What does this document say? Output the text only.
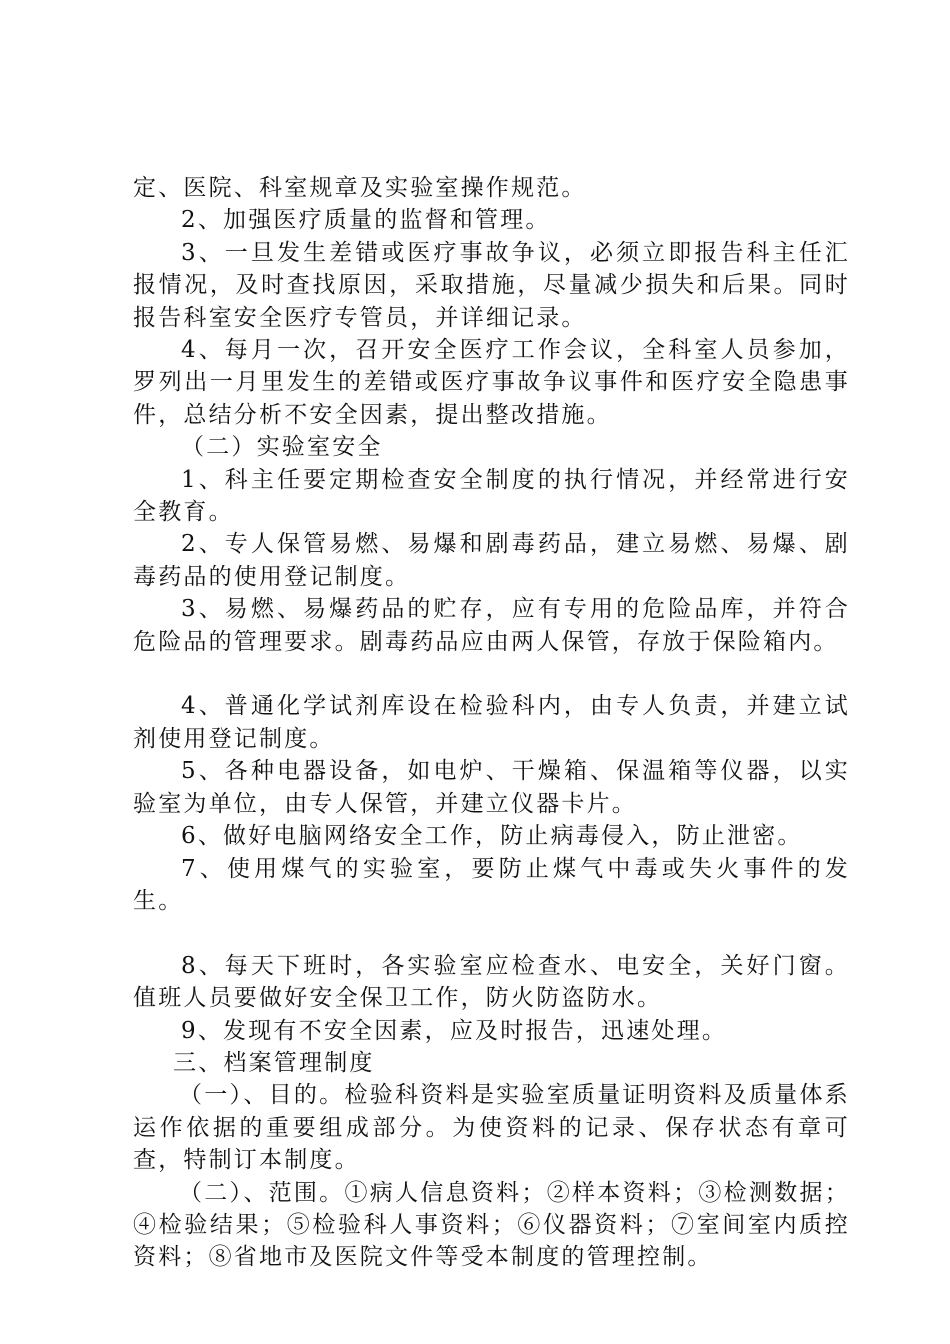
定、医院、科室规章及实验室操作规范。

2、加强医疗质量的监督和管理。

3、一旦发生差错或医疗事故争议，必须立即报告科主任汇报情况，及时查找原因，采取措施，尽量减少损失和后果。同时报告科室安全医疗专管员，并详细记录。

4、每月一次，召开安全医疗工作会议，全科室人员参加，罗列出一月里发生的差错或医疗事故争议事件和医疗安全隐患事件，总结分析不安全因素，提出整改措施。

（二）实验室安全

1、科主任要定期检查安全制度的执行情况，并经常进行安全教育。

2、专人保管易燃、易爆和剧毒药品，建立易燃、易爆、剧毒药品的使用登记制度。

3、易燃、易爆药品的贮存，应有专用的危险品库，并符合危险品的管理要求。剧毒药品应由两人保管，存放于保险箱内。

4、普通化学试剂库设在检验科内，由专人负责，并建立试剂使用登记制度。

5、各种电器设备，如电炉、干燥箱、保温箱等仪器，以实验室为单位，由专人保管，并建立仪器卡片。

6、做好电脑网络安全工作，防止病毒侵入，防止泄密。

7、使用煤气的实验室，要防止煤气中毒或失火事件的发生。

8、每天下班时，各实验室应检查水、电安全，关好门窗。值班人员要做好安全保卫工作，防火防盗防水。

9、发现有不安全因素，应及时报告，迅速处理。

三、档案管理制度

（一）、目的。检验科资料是实验室质量证明资料及质量体系运作依据的重要组成部分。为使资料的记录、保存状态有章可查，特制订本制度。

（二）、范围。①病人信息资料；②样本资料；③检测数据；④检验结果；⑤检验科人事资料；⑥仪器资料；⑦室间室内质控资料；⑧省地市及医院文件等受本制度的管理控制。
